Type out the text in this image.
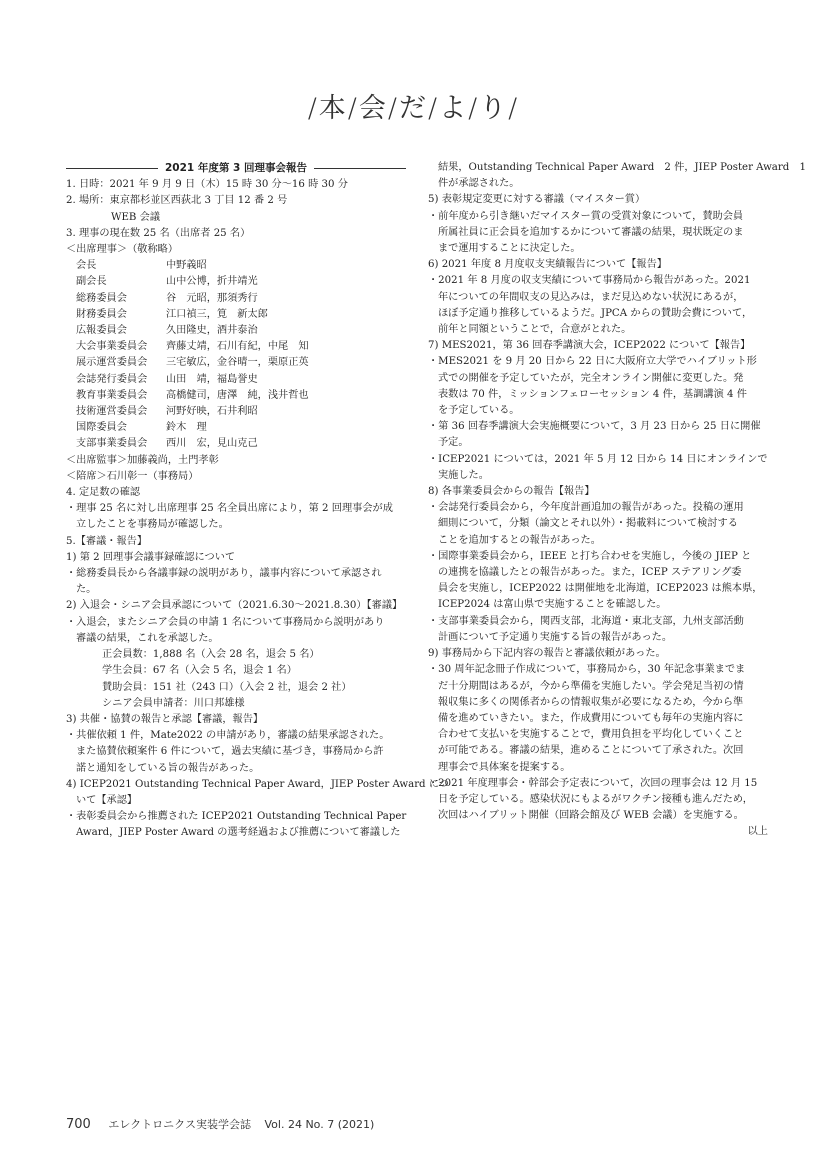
/本/会/だ/よ/り/
2021 年度第 3 回理事会報告
1. 日時：2021 年 9 月 9 日（木）15 時 30 分〜16 時 30 分
2. 場所：東京都杉並区西荻北 3 丁目 12 番 2 号
WEB 会議
3. 理事の現在数 25 名（出席者 25 名）
＜出席理事＞（敬称略）
会長	中野義昭
副会長	山中公博，折井靖光
総務委員会	谷　元昭，那須秀行
財務委員会	江口禎三，筧　新太郎
広報委員会	久田隆史，酒井泰治
大会事業委員会	齊藤丈靖，石川有紀，中尾　知
展示運営委員会	三宅敏広，金谷晴一，栗原正英
会誌発行委員会	山田　靖，福島誉史
教育事業委員会	高橋健司，唐澤　純，浅井哲也
技術運営委員会	河野好映，石井利昭
国際委員会	鈴木　理
支部事業委員会	西川　宏，見山克己
＜出席監事＞加藤義尚，土門孝彰
＜陪席＞石川彰一（事務局）
4. 定足数の確認
・理事 25 名に対し出席理事 25 名全員出席により，第 2 回理事会が成
立したことを事務局が確認した。
5.【審議・報告】
1) 第 2 回理事会議事録確認について
・総務委員長から各議事録の説明があり，議事内容について承認され
た。
2) 入退会・シニア会員承認について（2021.6.30〜2021.8.30）【審議】
・入退会，またシニア会員の申請 1 名について事務局から説明があり
審議の結果，これを承認した。
正会員数：1,888 名（入会 28 名，退会 5 名）
学生会員：67 名（入会 5 名，退会 1 名）
賛助会員：151 社（243 口）（入会 2 社，退会 2 社）
シニア会員申請者：川口邦雄様
3) 共催・協賛の報告と承認【審議，報告】
・共催依頼 1 件，Mate2022 の申請があり，審議の結果承認された。
また協賛依頼案件 6 件について，過去実績に基づき，事務局から許
諾と通知をしている旨の報告があった。
4) ICEP2021 Outstanding Technical Paper Award，JIEP Poster Award につ
いて【承認】
・表彰委員会から推薦された ICEP2021 Outstanding Technical Paper
Award，JIEP Poster Award の選考経過および推薦について審議した
結果，Outstanding Technical Paper Award　2 件，JIEP Poster Award　1
件が承認された。
5) 表彰規定変更に対する審議（マイスター賞）
・前年度から引き継いだマイスター賞の受賞対象について，賛助会員
所属社員に正会員を追加するかについて審議の結果，現状既定のま
まで運用することに決定した。
6) 2021 年度 8 月度収支実績報告について【報告】
・2021 年 8 月度の収支実績について事務局から報告があった。2021
年についての年間収支の見込みは，まだ見込めない状況にあるが，
ほぼ予定通り推移しているようだ。JPCA からの賛助会費について，
前年と同額ということで，合意がとれた。
7) MES2021，第 36 回春季講演大会，ICEP2022 について【報告】
・MES2021 を 9 月 20 日から 22 日に大阪府立大学でハイブリット形
式での開催を予定していたが，完全オンライン開催に変更した。発
表数は 70 件，ミッションフェローセッション 4 件，基調講演 4 件
を予定している。
・第 36 回春季講演大会実施概要について，3 月 23 日から 25 日に開催
予定。
・ICEP2021 については，2021 年 5 月 12 日から 14 日にオンラインで
実施した。
8) 各事業委員会からの報告【報告】
・会誌発行委員会から，今年度計画追加の報告があった。投稿の運用
細則について，分類（論文とそれ以外）・掲載料について検討する
ことを追加するとの報告があった。
・国際事業委員会から，IEEE と打ち合わせを実施し，今後の JIEP と
の連携を協議したとの報告があった。また，ICEP ステアリング委
員会を実施し，ICEP2022 は開催地を北海道，ICEP2023 は熊本県，
ICEP2024 は富山県で実施することを確認した。
・支部事業委員会から，関西支部，北海道・東北支部，九州支部活動
計画について予定通り実施する旨の報告があった。
9) 事務局から下記内容の報告と審議依頼があった。
・30 周年記念冊子作成について，事務局から，30 年記念事業までま
だ十分期間はあるが，今から準備を実施したい。学会発足当初の情
報収集に多くの関係者からの情報収集が必要になるため，今から準
備を進めていきたい。また，作成費用についても毎年の実施内容に
合わせて支払いを実施することで，費用負担を平均化していくこと
が可能である。審議の結果，進めることについて了承された。次回
理事会で具体案を提案する。
・2021 年度理事会・幹部会予定表について，次回の理事会は 12 月 15
日を予定している。感染状況にもよるがワクチン接種も進んだため，
次回はハイブリット開催（回路会館及び WEB 会議）を実施する。
以上
700 エレクトロニクス実装学会誌 Vol. 24 No. 7 (2021)
